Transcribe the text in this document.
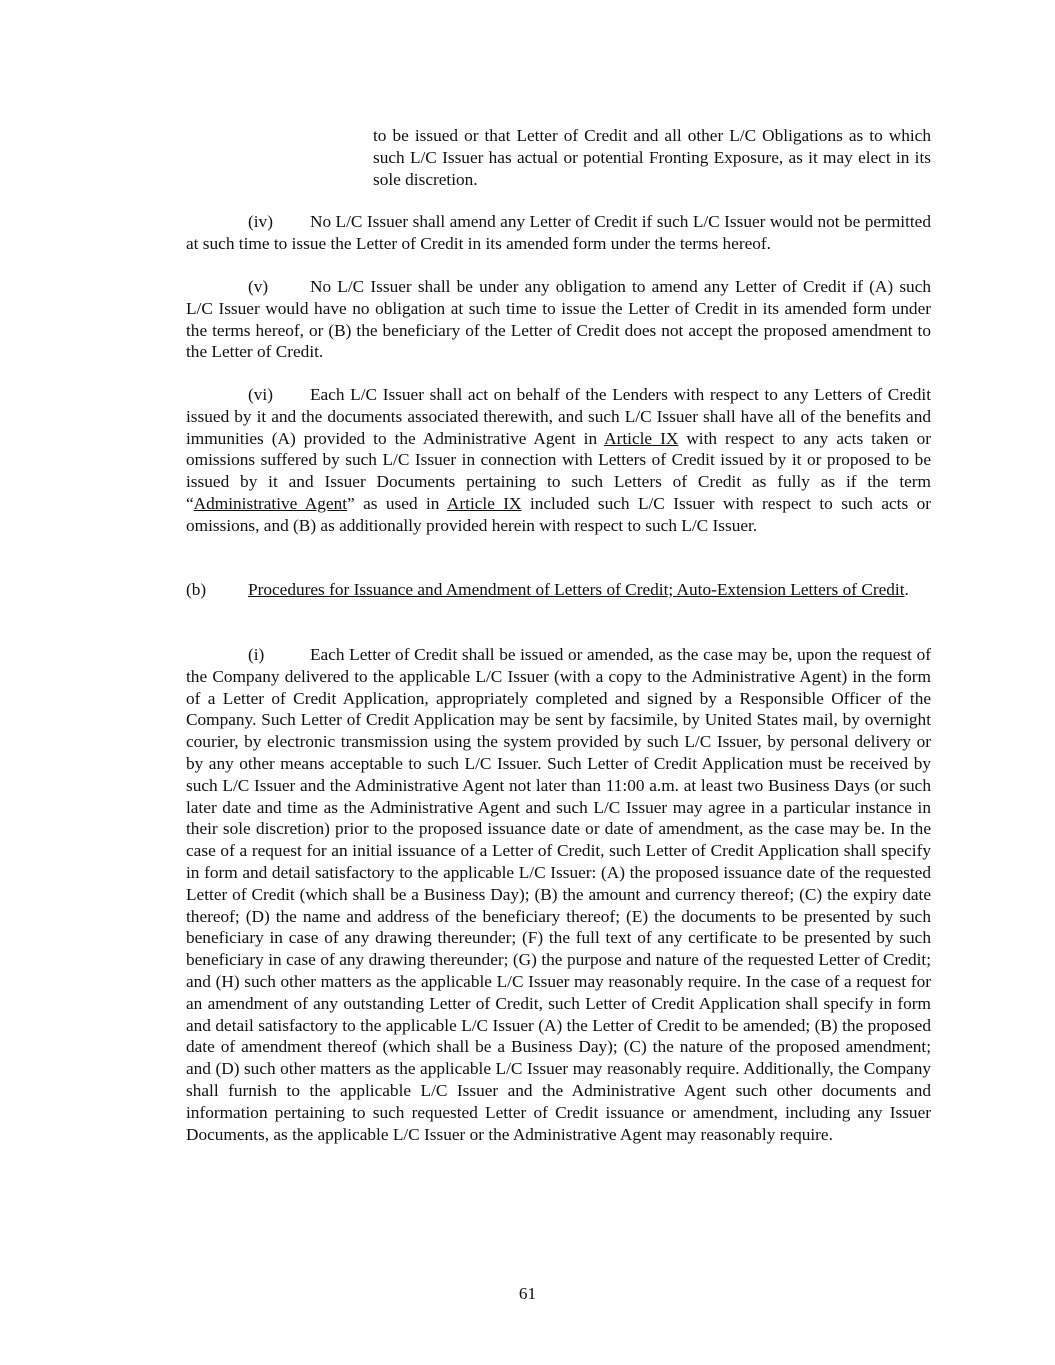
to be issued or that Letter of Credit and all other L/C Obligations as to which such L/C Issuer has actual or potential Fronting Exposure, as it may elect in its sole discretion.

(iv) No L/C Issuer shall amend any Letter of Credit if such L/C Issuer would not be permitted at such time to issue the Letter of Credit in its amended form under the terms hereof.

(v) No L/C Issuer shall be under any obligation to amend any Letter of Credit if (A) such L/C Issuer would have no obligation at such time to issue the Letter of Credit in its amended form under the terms hereof, or (B) the beneficiary of the Letter of Credit does not accept the proposed amendment to the Letter of Credit.

(vi) Each L/C Issuer shall act on behalf of the Lenders with respect to any Letters of Credit issued by it and the documents associated therewith, and such L/C Issuer shall have all of the benefits and immunities (A) provided to the Administrative Agent in Article IX with respect to any acts taken or omissions suffered by such L/C Issuer in connection with Letters of Credit issued by it or proposed to be issued by it and Issuer Documents pertaining to such Letters of Credit as fully as if the term “Administrative Agent” as used in Article IX included such L/C Issuer with respect to such acts or omissions, and (B) as additionally provided herein with respect to such L/C Issuer.

(b) Procedures for Issuance and Amendment of Letters of Credit; Auto-Extension Letters of Credit.

(i)	Each Letter of Credit shall be issued or amended, as the case may be, upon the request of the Company delivered to the applicable L/C Issuer (with a copy to the Administrative Agent) in the form of a Letter of Credit Application, appropriately completed and signed by a Responsible Officer of the Company. Such Letter of Credit Application may be sent by facsimile, by United States mail, by overnight courier, by electronic transmission using the system provided by such L/C Issuer, by personal delivery or by any other means acceptable to such L/C Issuer. Such Letter of Credit Application must be received by such L/C Issuer and the Administrative Agent not later than 11:00 a.m. at least two Business Days (or such later date and time as the Administrative Agent and such L/C Issuer may agree in a particular instance in their sole discretion) prior to the proposed issuance date or date of amendment, as the case may be. In the case of a request for an initial issuance of a Letter of Credit, such Letter of Credit Application shall specify in form and detail satisfactory to the applicable L/C Issuer: (A) the proposed issuance date of the requested Letter of Credit (which shall be a Business Day); (B) the amount and currency thereof; (C) the expiry date thereof; (D) the name and address of the beneficiary thereof; (E) the documents to be presented by such beneficiary in case of any drawing thereunder; (F) the full text of any certificate to be presented by such beneficiary in case of any drawing thereunder; (G) the purpose and nature of the requested Letter of Credit; and (H) such other matters as the applicable L/C Issuer may reasonably require. In the case of a request for an amendment of any outstanding Letter of Credit, such Letter of Credit Application shall specify in form and detail satisfactory to the applicable L/C Issuer (A) the Letter of Credit to be amended; (B) the proposed date of amendment thereof (which shall be a Business Day); (C) the nature of the proposed amendment; and (D) such other matters as the applicable L/C Issuer may reasonably require. Additionally, the Company shall furnish to the applicable L/C Issuer and the Administrative Agent such other documents and information pertaining to such requested Letter of Credit issuance or amendment, including any Issuer Documents, as the applicable L/C Issuer or the Administrative Agent may reasonably require.

61
